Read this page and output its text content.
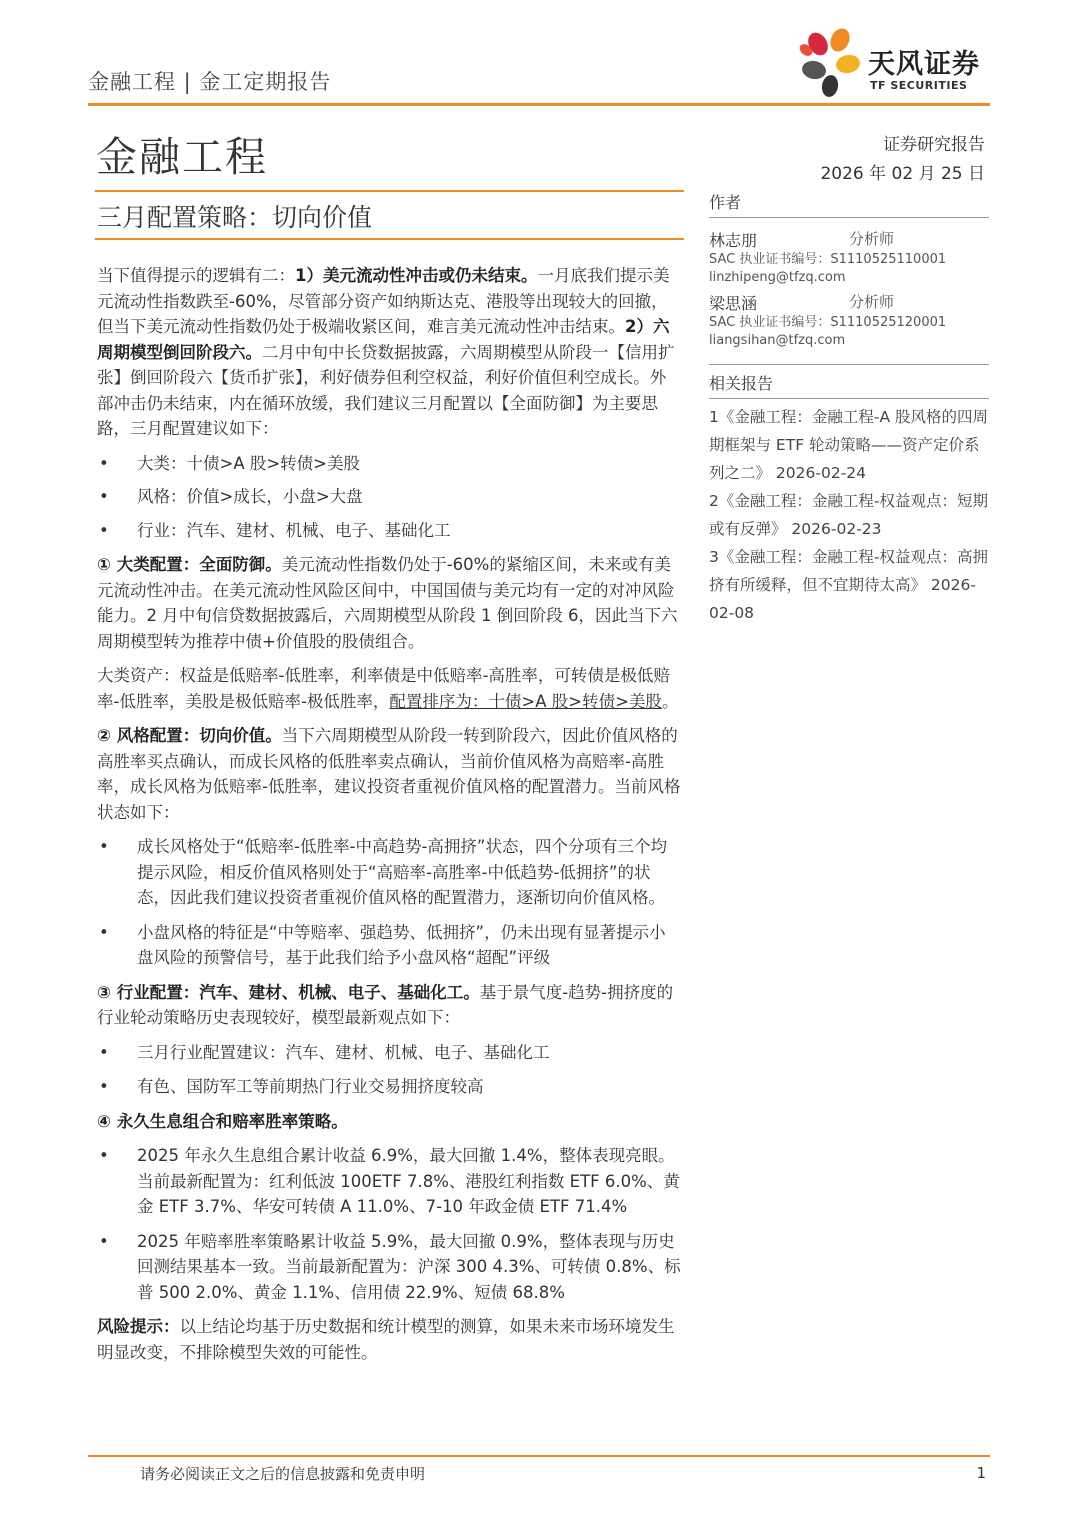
金融工程 | 金工定期报告
天风证券
TF SECURITIES
金融工程	证券研究报告
2026 年 02 月 25 日
三月配置策略：切向价值

当下值得提示的逻辑有二：1）美元流动性冲击或仍未结束。一月底我们提示美元流动性指数跌至-60%，尽管部分资产如纳斯达克、港股等出现较大的回撤，但当下美元流动性指数仍处于极端收紧区间，难言美元流动性冲击结束。2）六周期模型倒回阶段六。二月中旬中长贷数据披露，六周期模型从阶段一【信用扩张】倒回阶段六【货币扩张】，利好债券但利空权益，利好价值但利空成长。外部冲击仍未结束，内在循环放缓，我们建议三月配置以【全面防御】为主要思路，三月配置建议如下：

• 大类：十债>A 股>转债>美股
• 风格：价值>成长，小盘>大盘
• 行业：汽车、建材、机械、电子、基础化工

① 大类配置：全面防御。美元流动性指数仍处于-60%的紧缩区间，未来或有美元流动性冲击。在美元流动性风险区间中，中国国债与美元均有一定的对冲风险能力。2 月中旬信贷数据披露后，六周期模型从阶段 1 倒回阶段 6，因此当下六周期模型转为推荐中债+价值股的股债组合。

大类资产：权益是低赔率-低胜率，利率债是中低赔率-高胜率，可转债是极低赔率-低胜率，美股是极低赔率-极低胜率，配置排序为：十债>A 股>转债>美股。

② 风格配置：切向价值。当下六周期模型从阶段一转到阶段六，因此价值风格的高胜率买点确认，而成长风格的低胜率卖点确认，当前价值风格为高赔率-高胜率，成长风格为低赔率-低胜率，建议投资者重视价值风格的配置潜力。当前风格状态如下：

• 成长风格处于“低赔率-低胜率-中高趋势-高拥挤”状态，四个分项有三个均提示风险，相反价值风格则处于“高赔率-高胜率-中低趋势-低拥挤”的状态，因此我们建议投资者重视价值风格的配置潜力，逐渐切向价值风格。
• 小盘风格的特征是“中等赔率、强趋势、低拥挤”，仍未出现有显著提示小盘风险的预警信号，基于此我们给予小盘风格“超配”评级

③ 行业配置：汽车、建材、机械、电子、基础化工。基于景气度-趋势-拥挤度的行业轮动策略历史表现较好，模型最新观点如下：

• 三月行业配置建议：汽车、建材、机械、电子、基础化工
• 有色、国防军工等前期热门行业交易拥挤度较高

④ 永久生息组合和赔率胜率策略。

• 2025 年永久生息组合累计收益 6.9%，最大回撤 1.4%，整体表现亮眼。当前最新配置为：红利低波 100ETF 7.8%、港股红利指数 ETF 6.0%、黄金 ETF 3.7%、华安可转债 A 11.0%、7-10 年政金债 ETF 71.4%
• 2025 年赔率胜率策略累计收益 5.9%，最大回撤 0.9%，整体表现与历史回测结果基本一致。当前最新配置为：沪深 300 4.3%、可转债 0.8%、标普 500 2.0%、黄金 1.1%、信用债 22.9%、短债 68.8%

风险提示：以上结论均基于历史数据和统计模型的测算，如果未来市场环境发生明显改变，不排除模型失效的可能性。

作者
林志朋	分析师
SAC 执业证书编号：S1110525110001
linzhipeng@tfzq.com
梁思涵	分析师
SAC 执业证书编号：S1110525120001
liangsihan@tfzq.com
相关报告
1《金融工程：金融工程-A 股风格的四周期框架与 ETF 轮动策略——资产定价系列之二》 2026-02-24
2《金融工程：金融工程-权益观点：短期或有反弹》 2026-02-23
3《金融工程：金融工程-权益观点：高拥挤有所缓释，但不宜期待太高》 2026-02-08
请务必阅读正文之后的信息披露和免责申明	1
